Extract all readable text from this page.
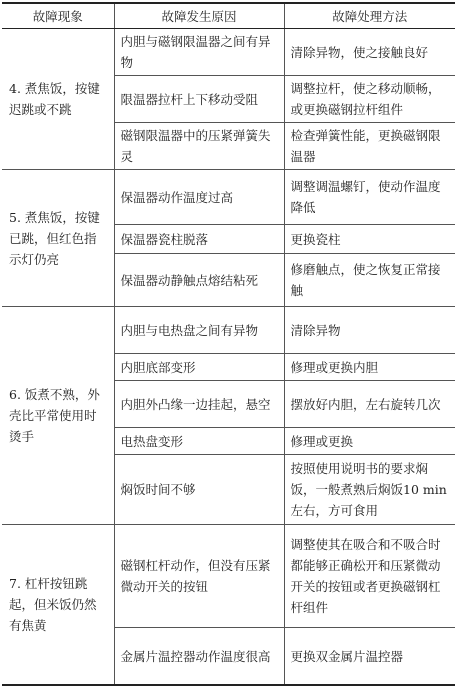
故障现象	故障发生原因	故障处理方法
4. 煮焦饭，按键迟跳或不跳	内胆与磁钢限温器之间有异物	清除异物，使之接触良好
	限温器拉杆上下移动受阻	调整拉杆，使之移动顺畅，或更换磁钢拉杆组件
	磁钢限温器中的压紧弹簧失灵	检查弹簧性能，更换磁钢限温器
5. 煮焦饭，按键已跳，但红色指示灯仍亮	保温器动作温度过高	调整调温螺钉，使动作温度降低
	保温器瓷柱脱落	更换瓷柱
	保温器动静触点熔结粘死	修磨触点，使之恢复正常接触
6. 饭煮不熟，外壳比平常使用时烫手	内胆与电热盘之间有异物	清除异物
	内胆底部变形	修理或更换内胆
	内胆外凸缘一边挂起，悬空	摆放好内胆，左右旋转几次
	电热盘变形	修理或更换
	焖饭时间不够	按照使用说明书的要求焖饭，一般煮熟后焖饭10 min左右，方可食用
7. 杠杆按钮跳起，但米饭仍然有焦黄	磁钢杠杆动作，但没有压紧微动开关的按钮	调整使其在吸合和不吸合时都能够正确松开和压紧微动开关的按钮或者更换磁钢杠杆组件
	金属片温控器动作温度很高	更换双金属片温控器
